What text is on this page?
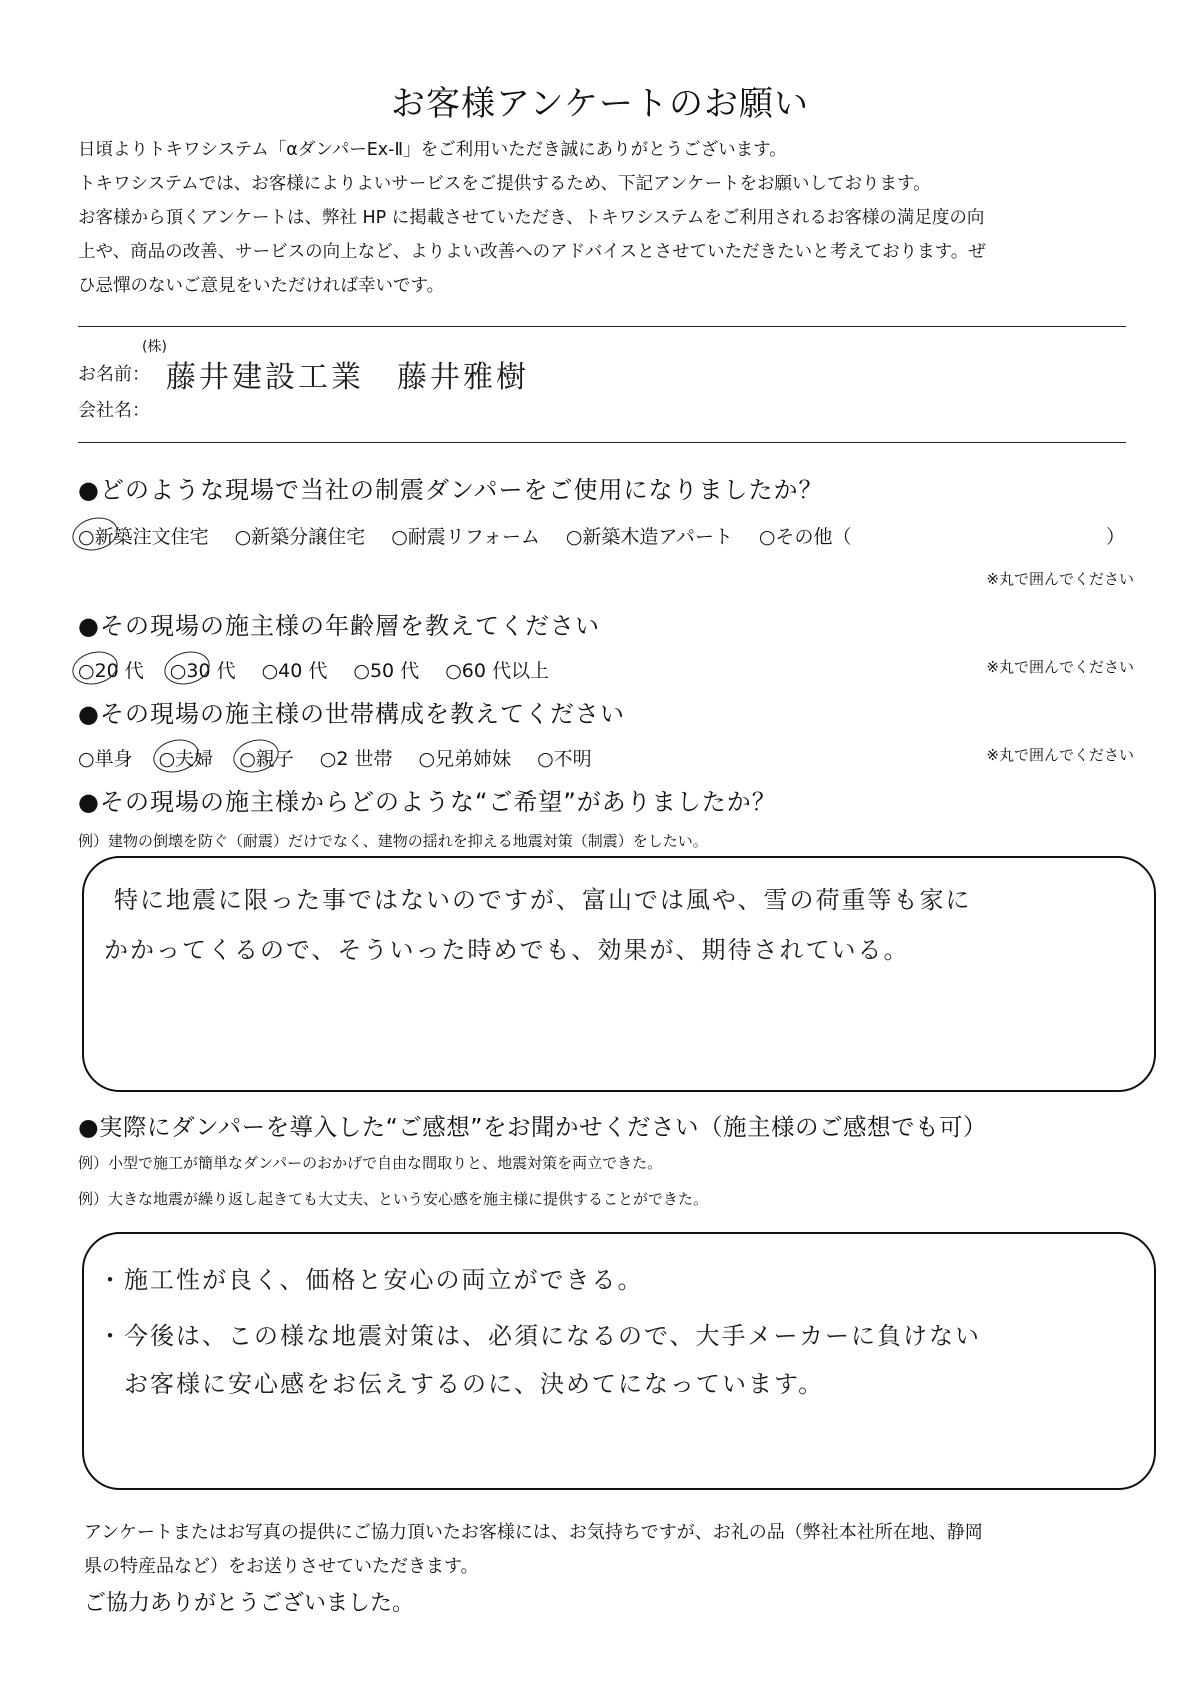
お客様アンケートのお願い
日頃よりトキワシステム「αダンパーEx-Ⅱ」をご利用いただき誠にありがとうございます。
トキワシステムでは、お客様によりよいサービスをご提供するため、下記アンケートをお願いしております。
お客様から頂くアンケートは、弊社 HP に掲載させていただき、トキワシステムをご利用されるお客様の満足度の向
上や、商品の改善、サービスの向上など、よりよい改善へのアドバイスとさせていただきたいと考えております。ぜ
ひ忌憚のないご意見をいただければ幸いです。
お名前：
(株)
藤井建設工業　藤井雅樹
会社名：
●どのような現場で当社の制震ダンパーをご使用になりましたか？
○新築注文住宅 ○新築分譲住宅 ○耐震リフォーム ○新築木造アパート ○その他（	）
※丸で囲んでください
●その現場の施主様の年齢層を教えてください
○20 代 ○30 代 ○40 代 ○50 代 ○60 代以上	※丸で囲んでください
●その現場の施主様の世帯構成を教えてください
○単身 ○夫婦 ○親子 ○2 世帯 ○兄弟姉妹 ○不明	※丸で囲んでください
●その現場の施主様からどのような“ご希望”がありましたか？
例）建物の倒壊を防ぐ（耐震）だけでなく、建物の揺れを抑える地震対策（制震）をしたい。
特に地震に限った事ではないのですが、富山では風や、雪の荷重等も家に
かかってくるので、そういった時めでも、効果が、期待されている。
●実際にダンパーを導入した“ご感想”をお聞かせください（施主様のご感想でも可）
例）小型で施工が簡単なダンパーのおかげで自由な間取りと、地震対策を両立できた。
例）大きな地震が繰り返し起きても大丈夫、という安心感を施主様に提供することができた。
・施工性が良く、価格と安心の両立ができる。
・今後は、この様な地震対策は、必須になるので、大手メーカーに負けない
お客様に安心感をお伝えするのに、決めてになっています。
アンケートまたはお写真の提供にご協力頂いたお客様には、お気持ちですが、お礼の品（弊社本社所在地、静岡
県の特産品など）をお送りさせていただきます。
ご協力ありがとうございました。
